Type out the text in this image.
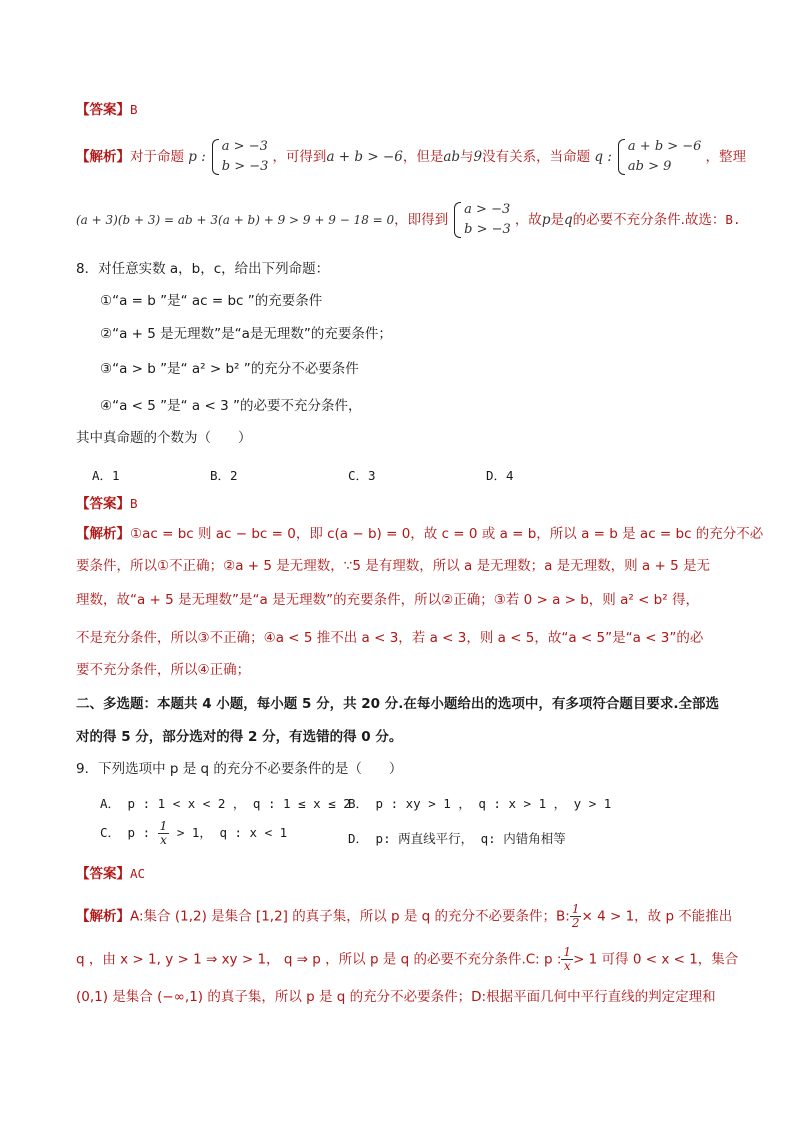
【答案】B
【解析】对于命题 p :
a > −3
b > −3
，可得到a + b > −6，但是ab与9没有关系，当命题 q :
a + b > −6
ab > 9
，整理
(a + 3)(b + 3) = ab + 3(a + b) + 9 > 9 + 9 − 18 = 0，即得到
a > −3
b > −3
，故p是q的必要不充分条件.故选：B.
8．对任意实数 a，b，c，给出下列命题：
①“a = b ”是“ ac = bc ”的充要条件
②“a + 5 是无理数”是“a是无理数”的充要条件；
③“a > b ”是“ a² > b² ”的充分不必要条件
④“a < 5 ”是“ a < 3 ”的必要不充分条件，
其中真命题的个数为（　　）
A．1	B．2	C．3	D．4
【答案】B
【解析】①ac = bc 则 ac − bc = 0，即 c(a − b) = 0，故 c = 0 或 a = b，所以 a = b 是 ac = bc 的充分不必
要条件，所以①不正确；②a + 5 是无理数，∵5 是有理数，所以 a 是无理数；a 是无理数，则 a + 5 是无
理数，故“a + 5 是无理数”是“a 是无理数”的充要条件，所以②正确；③若 0 > a > b，则 a² < b² 得，
不是充分条件，所以③不正确；④a < 5 推不出 a < 3，若 a < 3，则 a < 5，故“a < 5”是“a < 3”的必
要不充分条件，所以④正确；
二、多选题：本题共 4 小题，每小题 5 分，共 20 分.在每小题给出的选项中，有多项符合题目要求.全部选
对的得 5 分，部分选对的得 2 分，有选错的得 0 分。
9．下列选项中 p 是 q 的充分不必要条件的是（　　）
A． p : 1 < x < 2 ， q : 1 ≤ x ≤ 2
B． p : xy > 1 ， q : x > 1 ， y > 1
C． p : $\frac{1}{x} > 1$， q : x < 1	D． p: 两直线平行， q: 内错角相等
【答案】AC
【解析】A:集合 (1,2) 是集合 [1,2] 的真子集，所以 p 是 q 的充分不必要条件；B: $\frac{1}{2} \times 4 > 1$，故 p 不能推出
q ，由 x > 1, y > 1 ⇒ xy > 1， q ⇒ p ，所以 p 是 q 的必要不充分条件.C: p : $\frac{1}{x} > 1$ 可得 0 < x < 1，集合
(0,1) 是集合 (−∞,1) 的真子集，所以 p 是 q 的充分不必要条件；D:根据平面几何中平行直线的判定定理和
